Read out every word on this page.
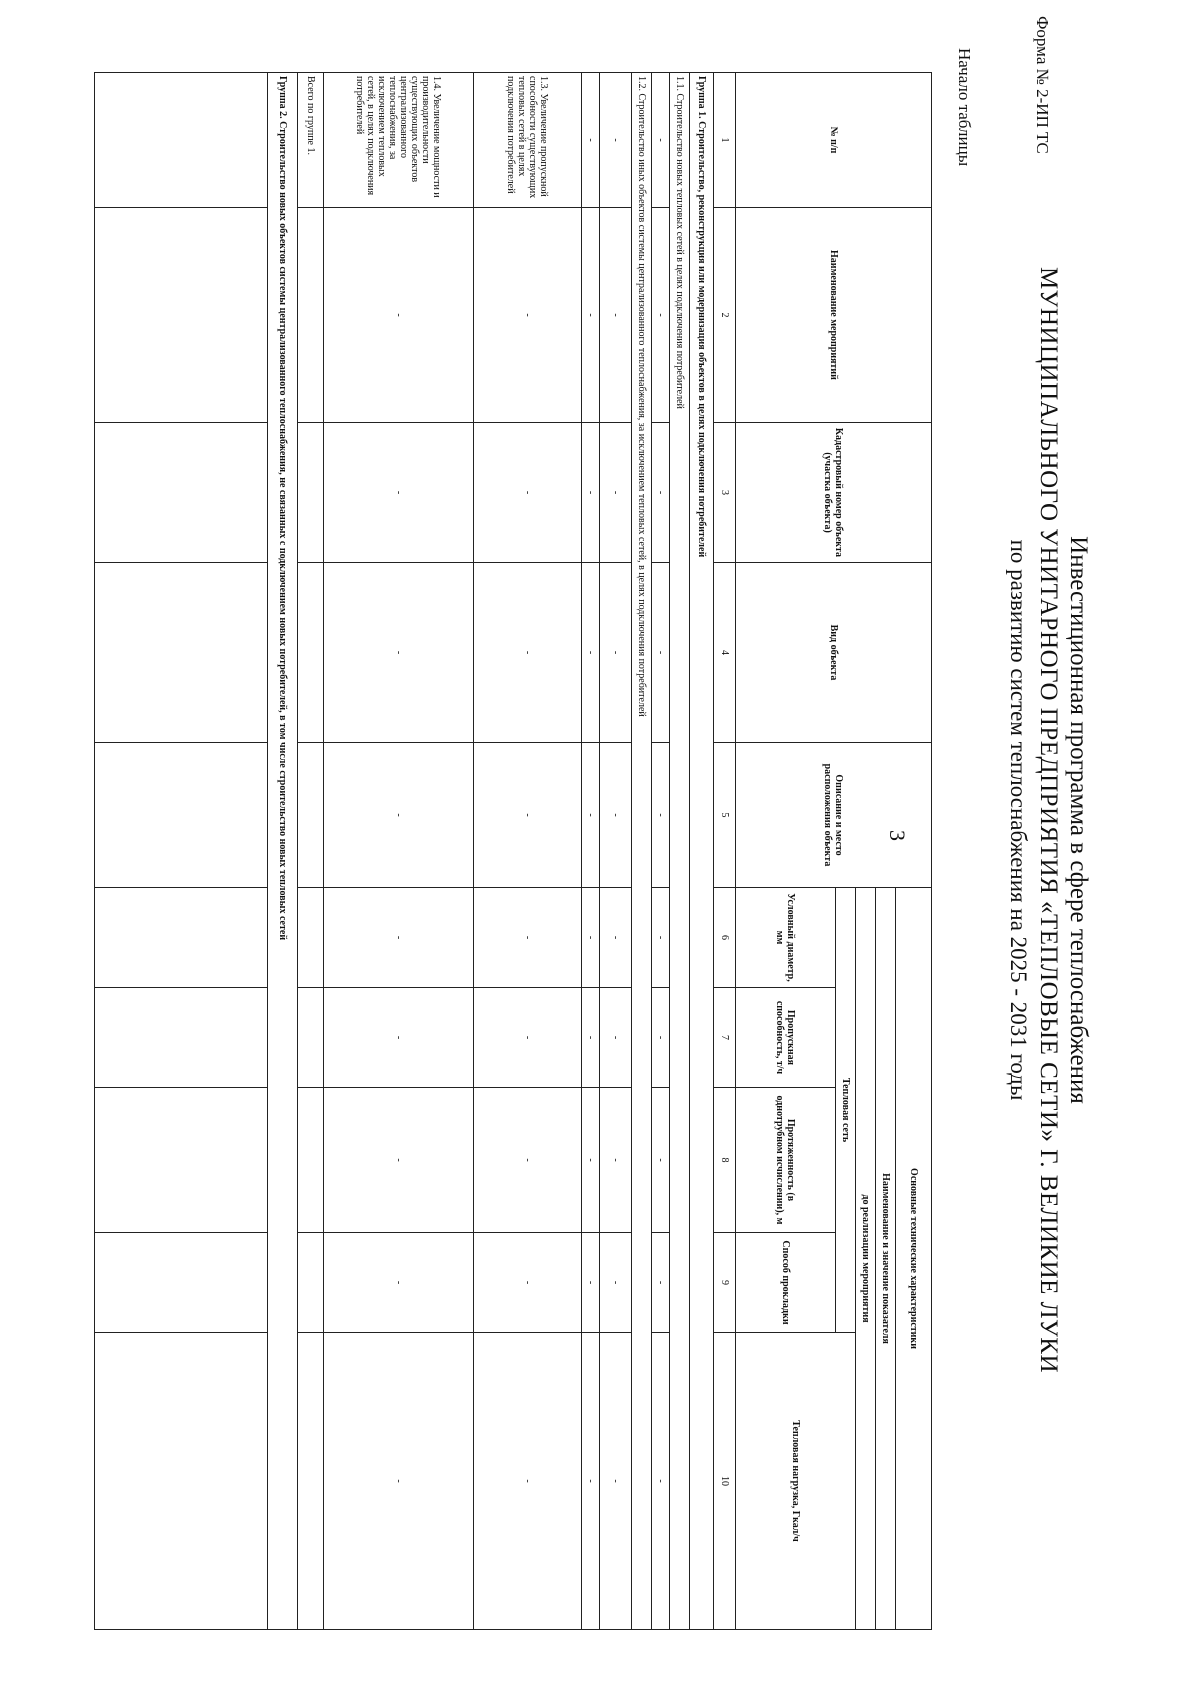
3
Форма № 2-ИП ТС
Начало таблицы
Инвестиционная программа в сфере теплоснабжения
МУНИЦИПАЛЬНОГО УНИТАРНОГО ПРЕДПРИЯТИЯ «ТЕПЛОВЫЕ СЕТИ» Г. ВЕЛИКИЕ ЛУКИ
по развитию систем теплоснабжения на 2025 - 2031 годы
№ п/п	Наименование мероприятий	Кадастровый номер объекта (участка объекта)	Вид объекта	Описание и место расположения объекта	Основные технические характеристики				
					Наименование и значение показателя				
					до реализации мероприятия				
					Тепловая сеть				Тепловая нагрузка, Гкал/ч
					Условный диаметр, мм	Пропускная способность, т/ч	Протяженность (в однотрубном исчислении), м	Способ прокладки	
1	2	3	4	5	6	7	8	9	10
Группа 1. Строительство, реконструкция или модернизация объектов в целях подключения потребителей									
1.1. Строительство новых тепловых сетей в целях подключения потребителей									
-	-	-	-	-	-	-	-	-	-
1.2. Строительство иных объектов системы централизованного теплоснабжения, за исключением тепловых сетей, в целях подключения потребителей									
-	-	-	-	-	-	-	-	-	-
-	-	-	-	-	-	-	-	-	-
1.3. Увеличение пропускной способности существующих тепловых сетей в целях подключения потребителей	-	-	-	-	-	-	-	-	-
1.4. Увеличение мощности и производительности существующих объектов централизованного теплоснабжения, за исключением тепловых сетей, в целях подключения потребителей	-	-	-	-	-	-	-	-	-
Всего по группе 1.									
Группа 2. Строительство новых объектов системы централизованного теплоснабжения, не связанных с подключением новых потребителей, в том числе строительство новых тепловых сетей									
